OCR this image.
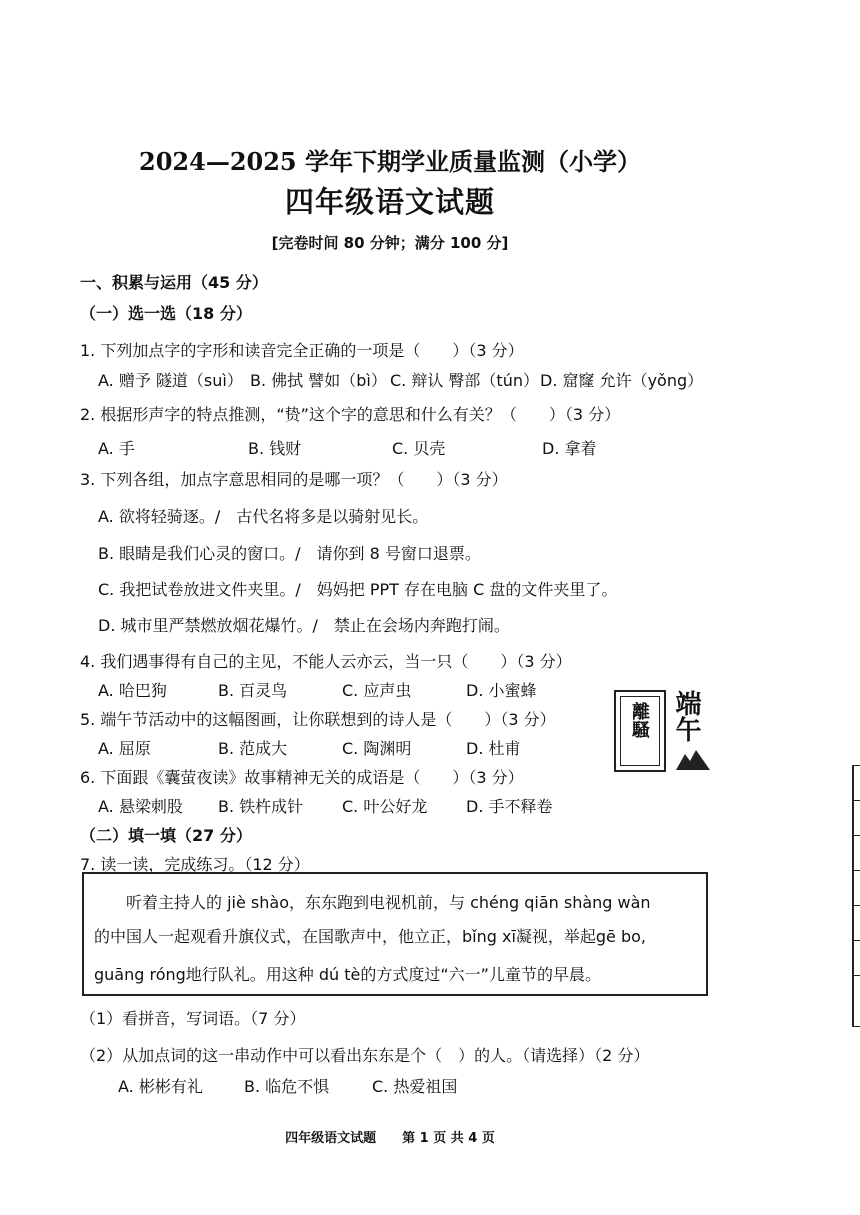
2024—2025 学年下期学业质量监测（小学）
四年级语文试题
[完卷时间 80 分钟；满分 100 分]
一、积累与运用（45 分）
（一）选一选（18 分）
1. 下列加点字的字形和读音完全正确的一项是（　　）（3 分）
A. 赠予 隧道（suì） B. 佛拭 譬如（bì） C. 辩认 臀部（tún） D. 窟窿 允许（yǒng）
2. 根据形声字的特点推测，“贽”这个字的意思和什么有关？（　　）（3 分）
A. 手	B. 钱财	C. 贝壳	D. 拿着
3. 下列各组，加点字意思相同的是哪一项？（　　）（3 分）
A. 欲将轻骑逐。/　古代名将多是以骑射见长。
B. 眼睛是我们心灵的窗口。/　请你到 8 号窗口退票。
C. 我把试卷放进文件夹里。/　妈妈把 PPT 存在电脑 C 盘的文件夹里了。
D. 城市里严禁燃放烟花爆竹。/　禁止在会场内奔跑打闹。
4. 我们遇事得有自己的主见，不能人云亦云，当一只（　　）（3 分）
A. 哈巴狗	B. 百灵鸟	C. 应声虫	D. 小蜜蜂
5. 端午节活动中的这幅图画，让你联想到的诗人是（　　）（3 分）
A. 屈原	B. 范成大	C. 陶渊明	D. 杜甫
離騷 端午
6. 下面跟《囊萤夜读》故事精神无关的成语是（　　）（3 分）
A. 悬梁刺股 B. 铁杵成针 C. 叶公好龙 D. 手不释卷
（二）填一填（27 分）
7. 读一读，完成练习。（12 分）
听着主持人的 jiè shào，东东跑到电视机前，与 chéng qiān shàng wàn
的中国人一起观看升旗仪式，在国歌声中，他立正，bǐng xī凝视，举起gē bo,
guāng róng地行队礼。用这种 dú tè的方式度过“六一”儿童节的早晨。
（1）看拼音，写词语。（7 分）
（2）从加点词的这一串动作中可以看出东东是个（　）的人。（请选择）（2 分）
A. 彬彬有礼	B. 临危不惧	C. 热爱祖国
四年级语文试题　　第 1 页 共 4 页
